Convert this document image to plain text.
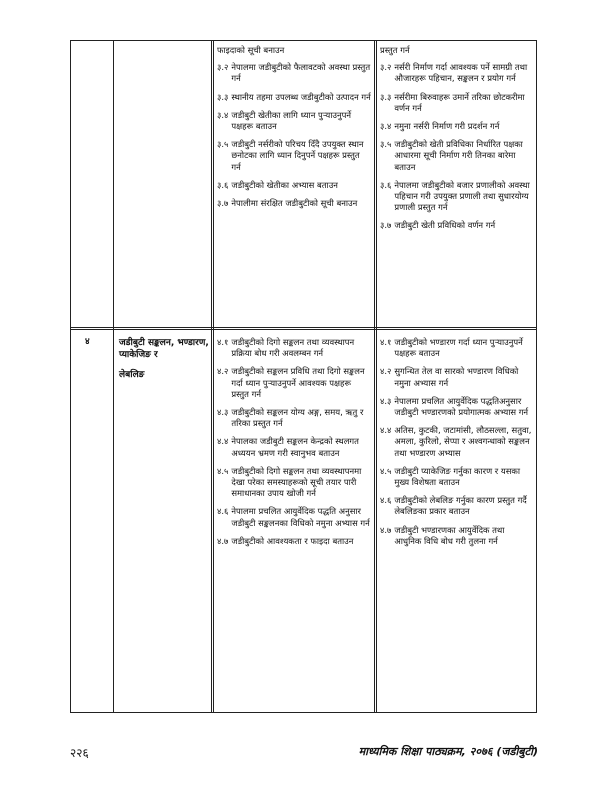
फाइदाको सूची बनाउन
३.२ नेपालमा जडीबुटीको फैलावटको अवस्था प्रस्तुत गर्न
३.३ स्थानीय तहमा उपलब्ध जडीबुटीको उत्पादन गर्न
३.४ जडीबुटी खेतीका लागि ध्यान पुऱ्याउनुपर्ने पक्षहरू बताउन
३.५ जडीबुटी नर्सरीको परिचय दिँदै उपयुक्त स्थान छनोटका लागि ध्यान दिनुपर्ने पक्षहरू प्रस्तुत गर्न
३.६ जडीबुटीको खेतीका अभ्यास बताउन
३.७ नेपालीमा संरक्षित जडीबुटीको सूची बनाउन
प्रस्तुत गर्न
३.२ नर्सरी निर्माण गर्दा आवश्यक पर्ने सामग्री तथा औजारहरू पहिचान, सङ्कलन र प्रयोग गर्न
३.३ नर्सरीमा बिरुवाहरू उमार्ने तरिका छोटकरीमा वर्णन गर्न
३.४ नमुना नर्सरी निर्माण गरी प्रदर्शन गर्न
३.५ जडीबुटीको खेती प्रविधिका निर्धारित पक्षका आधारमा सूची निर्माण गरी तिनका बारेमा बताउन
३.६ नेपालमा जडीबुटीको बजार प्रणालीको अवस्था पहिचान गरी उपयुक्त प्रणाली तथा सुधारयोग्य प्रणाली प्रस्तुत गर्न
३.७ जडीबुटी खेती प्रविधिको वर्णन गर्न
४	जडीबुटी सङ्कलन, भण्डारण, प्याकेजिङ र
लेबलिङ
४.१ जडीबुटीको दिगो सङ्कलन तथा व्यवस्थापन प्रक्रिया बोध गरी अवलम्बन गर्न
४.२ जडीबुटीको सङ्कलन प्रविधि तथा दिगो सङ्कलन गर्दा ध्यान पुऱ्याउनुपर्ने आवश्यक पक्षहरू प्रस्तुत गर्न
४.३ जडीबुटीको सङ्कलन योग्य अङ्ग, समय, ऋतु र तरिका प्रस्तुत गर्न
४.४ नेपालका जडीबुटी सङ्कलन केन्द्रको स्थलगत अध्ययन भ्रमण गरी स्वानुभव बताउन
४.५ जडीबुटीको दिगो सङ्कलन तथा व्यवस्थापनमा देखा परेका समस्याहरूको सूची तयार पारी समाधानका उपाय खोजी गर्न
४.६ नेपालमा प्रचलित आयुर्वेदिक पद्धति अनुसार जडीबुटी सङ्कलनका विधिको नमुना अभ्यास गर्न
४.७ जडीबुटीको आवश्यकता र फाइदा बताउन
४.१ जडीबुटीको भण्डारण गर्दा ध्यान पुऱ्याउनुपर्ने पक्षहरू बताउन
४.२ सुगन्धित तेल वा सारको भण्डारण विधिको नमुना अभ्यास गर्न
४.३ नेपालमा प्रचलित आयुर्वेदिक पद्धतिअनुसार जडीबुटी भण्डारणको प्रयोगात्मक अभ्यास गर्न
४.४ अतिस, कुटकी, जटामांसी, लौठसल्ला, सतुवा, अमला, कुरिलो, सेप्पा र अश्वगन्धाको सङ्कलन तथा भण्डारण अभ्यास
४.५ जडीबुटी प्याकेजिङ गर्नुका कारण र यसका मुख्य विशेषता बताउन
४.६ जडीबुटीको लेबलिङ गर्नुका कारण प्रस्तुत गर्दै लेबलिङका प्रकार बताउन
४.७ जडीबुटी भण्डारणका आयुर्वेदिक तथा आधुनिक विधि बोध गरी तुलना गर्न
२२६	माध्यमिक शिक्षा पाठ्यक्रम, २०७६ (जडीबुटी)
